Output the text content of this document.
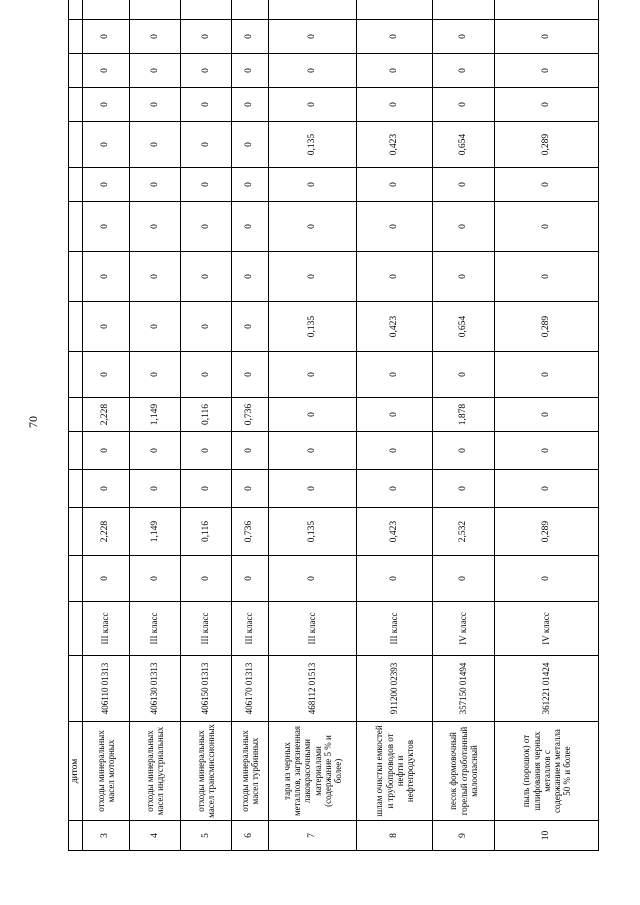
70
	дитом																	
3	отходы минеральных масел моторных	406110 01313	III класс	0	2,228	0	0	2,228	0	0	0	0	0	0	0	0	0	
4	отходы минеральных масел индустриальных	406130 01313	III класс	0	1,149	0	0	1,149	0	0	0	0	0	0	0	0	0	
5	отходы минеральных масел трансмиссионных	406150 01313	III класс	0	0,116	0	0	0,116	0	0	0	0	0	0	0	0	0	
6	отходы минеральных масел турбинных	406170 01313	III класс	0	0,736	0	0	0,736	0	0	0	0	0	0	0	0	0	
7	тара из черных металлов, загрязненная лакокрасочными материалами (содержание 5 % и более)	468112 01513	III класс	0	0,135	0	0	0	0	0,135	0	0	0	0,135	0	0	0	
8	шлам очистки емкостей и трубопроводов от нефти и нефтепродуктов	911200 02393	III класс	0	0,423	0	0	0	0	0,423	0	0	0	0,423	0	0	0	
9	песок формовочный горелый отработанный малоопасный	357150 01494	IV класс	0	2,532	0	0	1,878	0	0,654	0	0	0	0,654	0	0	0	
10	пыль (порошок) от шлифования черных металлов с содержанием металла 50 % и более	361221 01424	IV класс	0	0,289	0	0	0	0	0,289	0	0	0	0,289	0	0	0	
